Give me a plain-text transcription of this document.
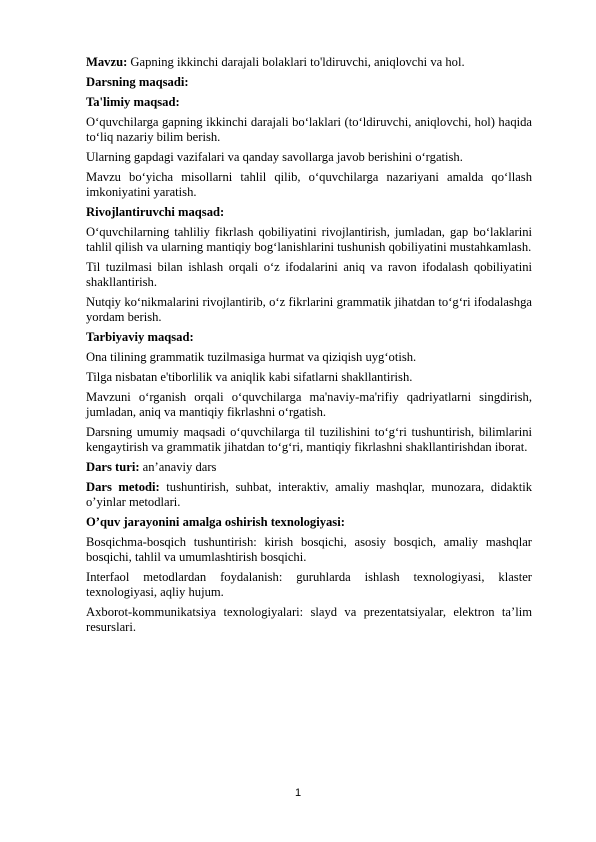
Mavzu: Gapning ikkinchi darajali bolaklari to'ldiruvchi, aniqlovchi va hol.

Darsning maqsadi:

Ta'limiy maqsad:

O‘quvchilarga gapning ikkinchi darajali bo‘laklari (to‘ldiruvchi, aniqlovchi, hol) haqida to‘liq nazariy bilim berish.

Ularning gapdagi vazifalari va qanday savollarga javob berishini o‘rgatish.

Mavzu bo‘yicha misollarni tahlil qilib, o‘quvchilarga nazariyani amalda qo‘llash imkoniyatini yaratish.

Rivojlantiruvchi maqsad:

O‘quvchilarning tahliliy fikrlash qobiliyatini rivojlantirish, jumladan, gap bo‘laklarini tahlil qilish va ularning mantiqiy bog‘lanishlarini tushunish qobiliyatini mustahkamlash.

Til tuzilmasi bilan ishlash orqali o‘z ifodalarini aniq va ravon ifodalash qobiliyatini shakllantirish.

Nutqiy ko‘nikmalarini rivojlantirib, o‘z fikrlarini grammatik jihatdan to‘g‘ri ifodalashga yordam berish.

Tarbiyaviy maqsad:

Ona tilining grammatik tuzilmasiga hurmat va qiziqish uyg‘otish.

Tilga nisbatan e'tiborlilik va aniqlik kabi sifatlarni shakllantirish.

Mavzuni o‘rganish orqali o‘quvchilarga ma'naviy-ma'rifiy qadriyatlarni singdirish, jumladan, aniq va mantiqiy fikrlashni o‘rgatish.

Darsning umumiy maqsadi o‘quvchilarga til tuzilishini to‘g‘ri tushuntirish, bilimlarini kengaytirish va grammatik jihatdan to‘g‘ri, mantiqiy fikrlashni shakllantirishdan iborat.

Dars turi: an’anaviy dars

Dars metodi: tushuntirish, suhbat, interaktiv, amaliy mashqlar, munozara, didaktik o’yinlar metodlari.

O’quv jarayonini amalga oshirish texnologiyasi:

Bosqichma-bosqich tushuntirish: kirish bosqichi, asosiy bosqich, amaliy mashqlar bosqichi, tahlil va umumlashtirish bosqichi.

Interfaol metodlardan foydalanish: guruhlarda ishlash texnologiyasi, klaster texnologiyasi, aqliy hujum.

Axborot-kommunikatsiya texnologiyalari: slayd va prezentatsiyalar, elektron ta’lim resurslari.

1
